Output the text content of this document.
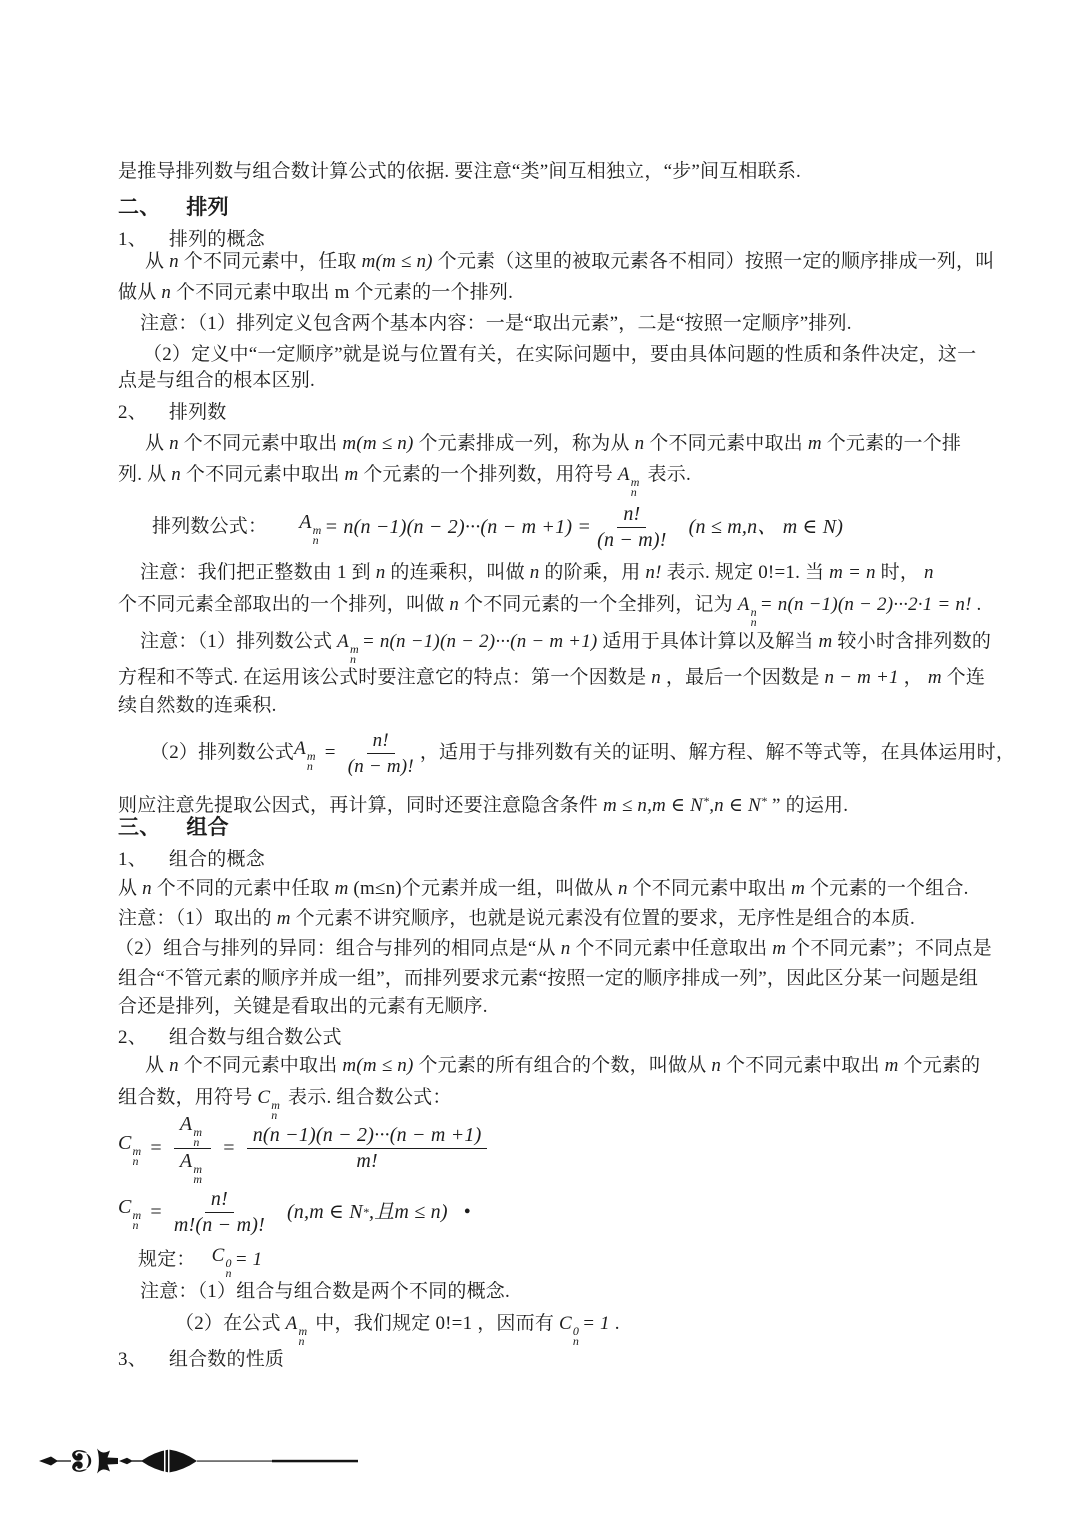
是推导排列数与组合数计算公式的依据. 要注意“类”间互相独立，“步”间互相联系.
二、 排列
1、 排列的概念
从 n 个不同元素中，任取 m(m ≤ n) 个元素（这里的被取元素各不相同）按照一定的顺序排成一列，叫
做从 n 个不同元素中取出 m 个元素的一个排列.
注意：（1）排列定义包含两个基本内容：一是“取出元素”，二是“按照一定顺序”排列.
（2）定义中“一定顺序”就是说与位置有关，在实际问题中，要由具体问题的性质和条件决定，这一
点是与组合的根本区别.
2、 排列数
从 n 个不同元素中取出 m(m ≤ n) 个元素排成一列，称为从 n 个不同元素中取出 m 个元素的一个排
列. 从 n 个不同元素中取出 m 个元素的一个排列数，用符号 A m
n
表示.
排列数公式： A m
n
= $n(n -1)(n - 2)\cdot\cdot\cdot(n - m +1) = \frac{n!}{(n - m)!} (n \le m,n$、 m ∈ N)
注意：我们把正整数由 1 到 n 的连乘积，叫做 n 的阶乘，用 n! 表示. 规定 0!=1. 当 m = n 时， n
个不同元素全部取出的一个排列，叫做 n 个不同元素的一个全排列，记为 A n
n
= n(n −1)(n − 2)···2·1 = n! .
注意：（1）排列数公式 A m
n
= n(n −1)(n − 2)···(n − m +1) 适用于具体计算以及解当 m 较小时含排列数的
方程和不等式. 在运用该公式时要注意它的特点：第一个因数是 n ，最后一个因数是 n − m +1 ， m 个连
续自然数的连乘积.
（2）排列数公式 A m
n
= $\frac{n!}{(n - m)!}$ ，适用于与排列数有关的证明、解方程、解不等式等，在具体运用时，
则应注意先提取公因式，再计算，同时还要注意隐含条件 m ≤ n,m ∈ N*,n ∈ N* ” 的运用.
三、 组合
1、 组合的概念
从 n 个不同的元素中任取 m (m≤n)个元素并成一组，叫做从 n 个不同元素中取出 m 个元素的一个组合.
注意：（1）取出的 m 个元素不讲究顺序，也就是说元素没有位置的要求，无序性是组合的本质.
（2）组合与排列的异同：组合与排列的相同点是“从 n 个不同元素中任意取出 m 个不同元素”；不同点是
组合“不管元素的顺序并成一组”，而排列要求元素“按照一定的顺序排成一列”，因此区分某一问题是组
合还是排列，关键是看取出的元素有无顺序.
2、 组合数与组合数公式
从 n 个不同元素中取出 m(m ≤ n) 个元素的所有组合的个数，叫做从 n 个不同元素中取出 m 个元素的
组合数，用符号 C m
n
表示. 组合数公式：
C m
n
= A m
n
A m
$m = \frac{n(n -1)(n - 2)\cdot\cdot\cdot(n - m +1)}{m!}$
C m
n
= $\frac{n!}{m!(n - m)!} (n,m$ ∈ N * ,且m ≤ n) •
规定： C 0
n
= 1
注意：（1）组合与组合数是两个不同的概念.
（2）在公式 A m
n
中，我们规定 0!=1 ，因而有 C 0
n
= 1 .
3、 组合数的性质
